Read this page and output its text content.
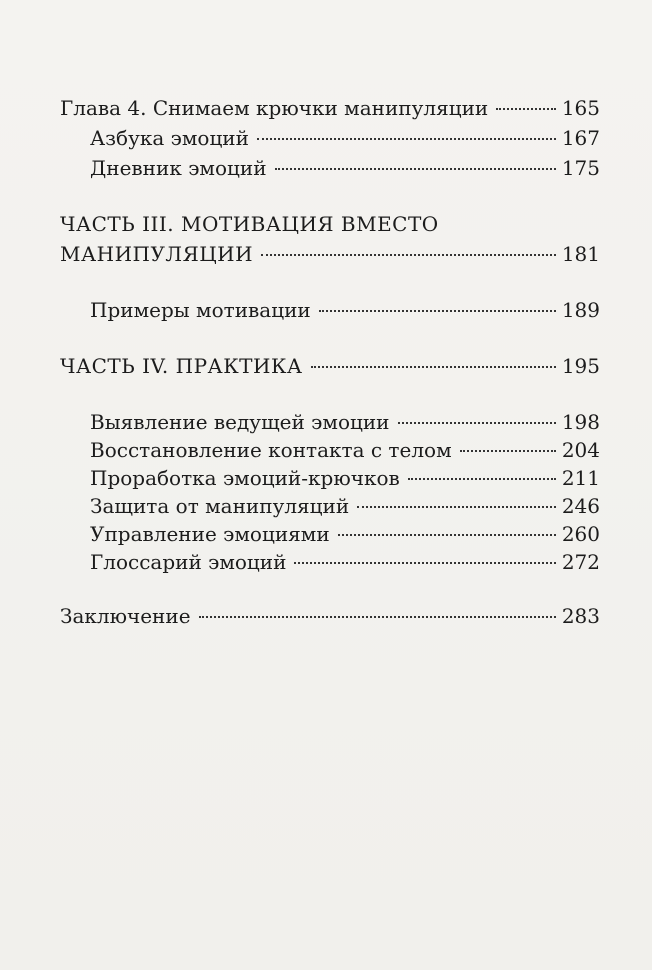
Глава 4. Снимаем крючки манипуляции	165
Азбука эмоций	167
Дневник эмоций	175
ЧАСТЬ III. МОТИВАЦИЯ ВМЕСТО
МАНИПУЛЯЦИИ	181
Примеры мотивации	189
ЧАСТЬ IV. ПРАКТИКА	195
Выявление ведущей эмоции	198
Восстановление контакта с телом	204
Проработка эмоций-крючков	211
Защита от манипуляций	246
Управление эмоциями	260
Глоссарий эмоций	272
Заключение	283
